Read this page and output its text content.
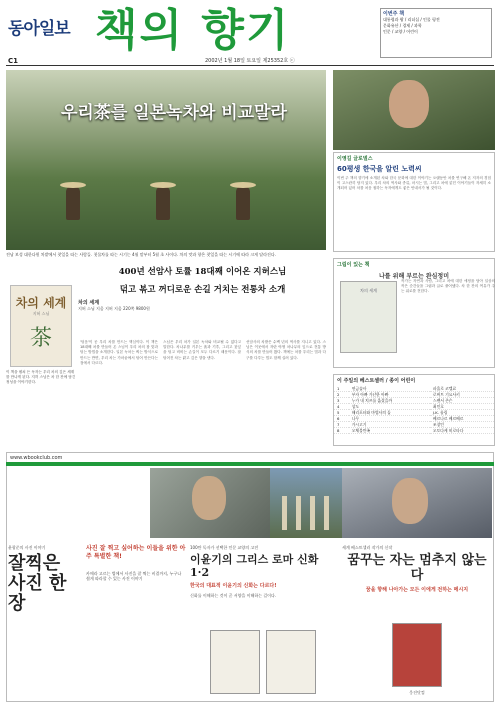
동아일보 책의 향기
C1	2002년 1월 18일 토요일 제25352호 ⓒ
이번주 책
대통령과 왕 / 리더십 / 인물 평전
문화유산 / 경제 / 과학
인문 / 교양 / 어린이
우리茶를 일본녹차와 비교말라
전남 보성 대한다원 차밭에서 찻잎을 따는 사람들. 첫물차를 따는 시기는 4월 말부터 5월 초 사이다. 차의 맛과 향은 찻잎을 따는 시기에 따라 크게 달라진다.
이영길 글로벌스
60평생 한국을 알린 노력씨
이번 주 책의 향기에 소개된 차와 한국 문화에 대한 이야기는 오랫동안 차를 연구해 온 저자의 경험이 고스란히 담겨 있다. 우리 차의 역사와 종류, 마시는 법, 그리고 차에 얽힌 이야기들이 자세히 소개되어 있어 차를 처음 접하는 독자에게도 좋은 안내서가 될 것이다.
그림이 있는 책
나를 위해 부르는 완심정미
차의 세계
작가는 자연과 사람, 그리고 차에 대한 애정을 담아 일상의 작은 순간들을 그림과 글로 풀어냈다. 차 한 잔의 여유가 주는 위로를 전한다.
이 주일의 베스트셀러 / 종이 어린이
1	연금술사	파울로 코엘료
2	부자 아빠 가난한 아빠	로버트 기요사키
3	누가 내 치즈를 옮겼을까	스펜서 존슨
4	상도	최인호
5	해리포터와 마법사의 돌	J.K. 롤링
6	나무	베르나르 베르베르
7	가시고기	조창인
8	오체불만족	오토다케 히로타다
400년 선암사 토률 18대째 이어온 지허스님
덖고 볶고 꺼디로운 손길 거치는 전통차 소개
차의 세계
지허 스님
茶
차의 세계
지허 스님 지음 지허 지음 220쪽 9800원
이 책을 펼쳐 든 독자는 우리 차의 깊은 세계를 만나게 된다. 지허 스님은 차 한 잔에 담긴 정성을 이야기한다.
'덖음'이 곧 우리 차를 만드는 핵심이다. 이 책은 18대째 차를 만들어 온 스님이 우리 차의 참 맛과 덖는 방법을 소개한다. 일본 녹차는 찌는 방식으로 만드는 반면, 우리 차는 가마솥에서 덖어 만든다는 점에서 다르다.
스님은 우리 차가 일본 녹차와 비교될 수 없다고 말한다. 차나무를 키우는 흙과 기후, 그리고 찻잎을 덖고 비비는 손길이 모두 다르기 때문이다. 잘 덖어진 차는 맑고 깊은 향을 낸다.
선암사의 차밭은 수백 년의 역사를 지니고 있다. 스님은 이곳에서 자란 야생 차나무의 잎으로 전통 방식의 차를 만들어 왔다. 책에는 차를 우리는 법과 다구를 다루는 법도 함께 실려 있다.
www.wbookclub.com
윤광준의 사진 이야기
잘찍은 사진 한장
사진 잘 찍고 싶어하는 이들을 위한 아주 특별한 책!
카메라 고르는 법에서 사진을 잘 찍는 비결까지, 누구나 쉽게 따라할 수 있는 사진 이야기
100만 독자가 선택한 인문 교양의 고전
이윤기의 그리스 로마 신화 1·2
한국의 대표적 이윤기의 신화는 다르다!
신화를 이해하는 것이 곧 서양을 이해하는 길이다.
세계 베스트셀러 작가의 신작
꿈꾸는 자는 멈추지 않는다
꿈을 향해 나아가는 모든 이에게 전하는 메시지
웅진닷컴
